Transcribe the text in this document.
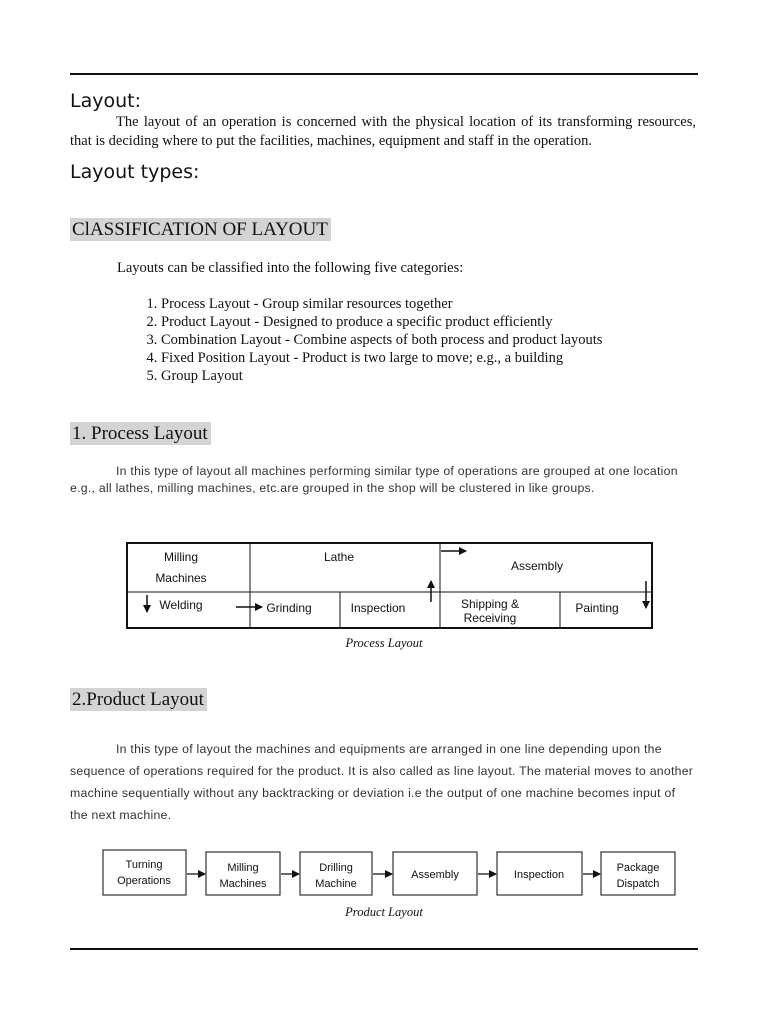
Layout:

The layout of an operation is concerned with the physical location of its transforming resources, that is deciding where to put the facilities, machines, equipment and staff in the operation.

Layout types:
ClASSIFICATION OF LAYOUT

Layouts can be classified into the following five categories:

1. Process Layout - Group similar resources together
2. Product Layout - Designed to produce a specific product efficiently
3. Combination Layout - Combine aspects of both process and product layouts
4. Fixed Position Layout - Product is two large to move; e.g., a building
5. Group Layout
1. Process Layout

In this type of layout all machines performing similar type of operations are grouped at one location e.g., all lathes, milling machines, etc.are grouped in the shop will be clustered in like groups.

Milling
Machines
Lathe
Assembly
Welding	Grinding	Inspection	Shipping &
Receiving
Painting

Process Layout

2.Product Layout

In this type of layout the machines and equipments are arranged in one line depending upon the sequence of operations required for the product. It is also called as line layout. The material moves to another machine sequentially without any backtracking or deviation i.e the output of one machine becomes input of the next machine.

Turning
Operations
Milling
Machines
Drilling
Machine
Assembly	Inspection
Package
Dispatch

Product Layout
